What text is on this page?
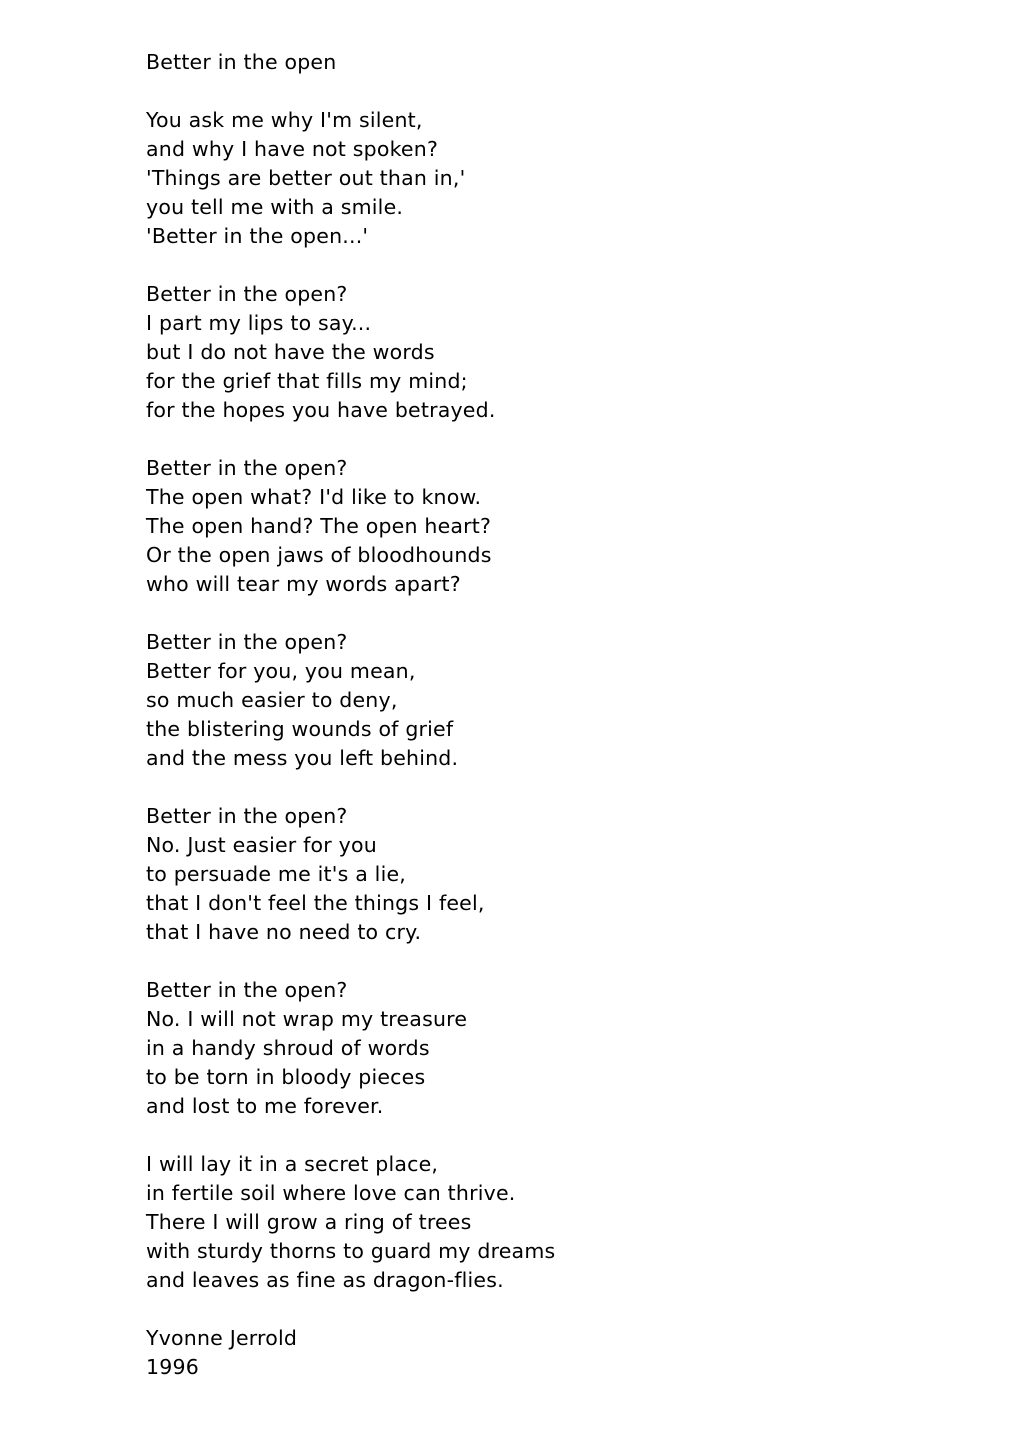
Better in the open
You ask me why I'm silent,
and why I have not spoken?
'Things are better out than in,'
you tell me with a smile.
'Better in the open...'
Better in the open?
I part my lips to say...
but I do not have the words
for the grief that fills my mind;
for the hopes you have betrayed.
Better in the open?
The open what? I'd like to know.
The open hand? The open heart?
Or the open jaws of bloodhounds
who will tear my words apart?
Better in the open?
Better for you, you mean,
so much easier to deny,
the blistering wounds of grief
and the mess you left behind.
Better in the open?
No. Just easier for you
to persuade me it's a lie,
that I don't feel the things I feel,
that I have no need to cry.
Better in the open?
No. I will not wrap my treasure
in a handy shroud of words
to be torn in bloody pieces
and lost to me forever.
I will lay it in a secret place,
in fertile soil where love can thrive.
There I will grow a ring of trees
with sturdy thorns to guard my dreams
and leaves as fine as dragon-flies.
Yvonne Jerrold
1996
